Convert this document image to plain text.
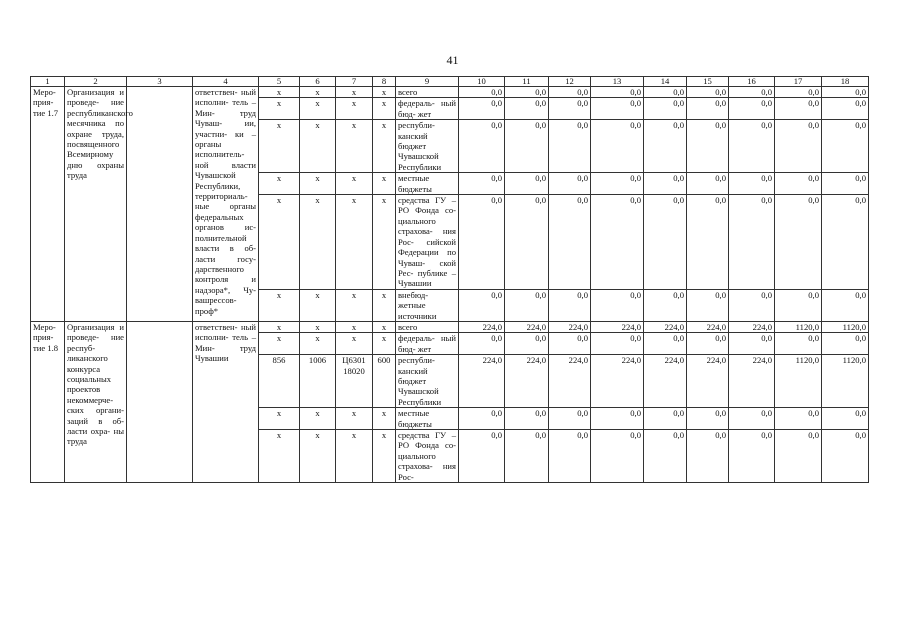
41
1	2	3	4	5	6	7	8	9	10	11	12	13	14	15	16	17	18
Меро- прия- тие 1.7	Организация и проведе- ние республиканского месячника по охране труда, посвященного Всемирному дню охраны труда		ответствен- ный исполни- тель – Мин- труд Чуваш- ии, участни- ки – органы исполнитель- ной власти Чувашской Республики, территориаль- ные органы федеральных органов ис- полнительной власти в об- ласти госу- дарственного контроля и надзора*, Чу- вашрессов- проф*	x	x	x	x	всего	0,0	0,0	0,0	0,0	0,0	0,0	0,0	0,0	0,0
				x	x	x	x	федераль- ный бюд- жет	0,0	0,0	0,0	0,0	0,0	0,0	0,0	0,0	0,0
				x	x	x	x	республи- канский бюджет Чувашской Республики	0,0	0,0	0,0	0,0	0,0	0,0	0,0	0,0	0,0
				x	x	x	x	местные бюджеты	0,0	0,0	0,0	0,0	0,0	0,0	0,0	0,0	0,0
				x	x	x	x	средства ГУ – РО Фонда со- циального страхова- ния Рос- сийской Федерации по Чуваш- ской Рес- публике – Чувашии	0,0	0,0	0,0	0,0	0,0	0,0	0,0	0,0	0,0
				x	x	x	x	внебюд- жетные источники	0,0	0,0	0,0	0,0	0,0	0,0	0,0	0,0	0,0
Меро- прия- тие 1.8	Организация и проведе- ние респуб- ликанского конкурса социальных проектов некоммерче- ских органи- заций в об- ласти охра- ны труда		ответствен- ный исполни- тель – Мин- труд Чувашии	x	x	x	x	всего	224,0	224,0	224,0	224,0	224,0	224,0	224,0	1120,0	1120,0
				x	x	x	x	федераль- ный бюд- жет	0,0	0,0	0,0	0,0	0,0	0,0	0,0	0,0	0,0
				856	1006	Ц6301 18020	600	республи- канский бюджет Чувашской Республики	224,0	224,0	224,0	224,0	224,0	224,0	224,0	1120,0	1120,0
				x	x	x	x	местные бюджеты	0,0	0,0	0,0	0,0	0,0	0,0	0,0	0,0	0,0
				x	x	x	x	средства ГУ – РО Фонда со- циального страхова- ния Рос-	0,0	0,0	0,0	0,0	0,0	0,0	0,0	0,0	0,0
